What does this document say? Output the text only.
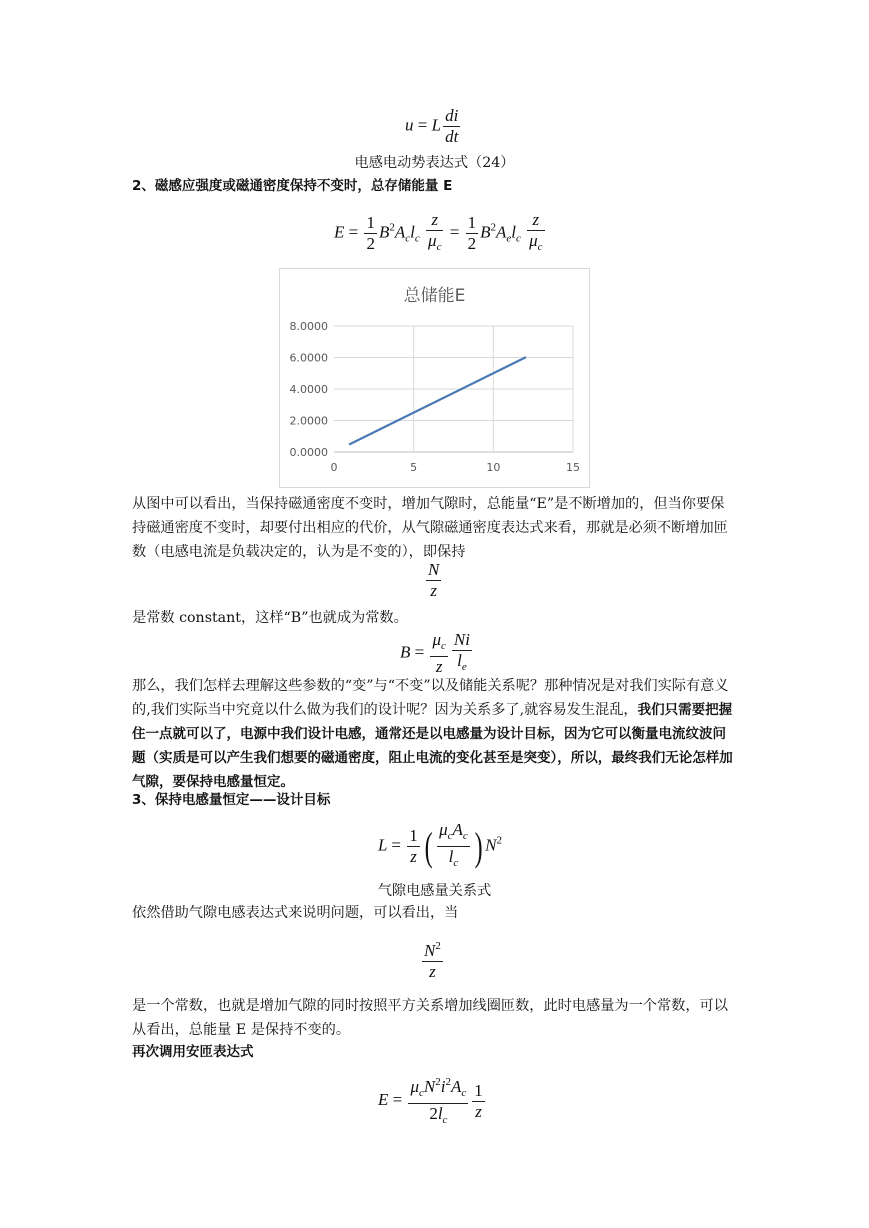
u = L $\frac{di}{dt}$
电感电动势表达式（24）
2、磁感应强度或磁通密度保持不变时，总存储能量 E
$E = \frac{1}{2} B^2A_cl_c \frac{z}{\mu_c} = \frac{1}{2} B^2A_el_c \frac{z}{\mu_c}$
总储能E
0.0000
2.0000
4.0000
6.0000
8.0000
0	5	10	15
从图中可以看出，当保持磁通密度不变时，增加气隙时，总能量“E”是不断增加的，但当你要保持磁通密度不变时，却要付出相应的代价，从气隙磁通密度表达式来看，那就是必须不断增加匝数（电感电流是负载决定的，认为是不变的），即保持
$\frac{N}{z}$
是常数 constant，这样“B”也就成为常数。
$B = \frac{\mu_c}{z} \frac{Ni}{l_e}$
那么，我们怎样去理解这些参数的“变”与“不变”以及储能关系呢？那种情况是对我们实际有意义的,我们实际当中究竟以什么做为我们的设计呢？因为关系多了,就容易发生混乱，我们只需要把握住一点就可以了，电源中我们设计电感，通常还是以电感量为设计目标，因为它可以衡量电流纹波问题（实质是可以产生我们想要的磁通密度，阻止电流的变化甚至是突变），所以，最终我们无论怎样加气隙，要保持电感量恒定。
3、保持电感量恒定——设计目标
$L = \frac{1}{z}$ ( $\frac{\mu_cA_c}{l_c}$ ) $N^2$
气隙电感量关系式
依然借助气隙电感表达式来说明问题，可以看出，当
$\frac{N^2}{z}$
是一个常数，也就是增加气隙的同时按照平方关系增加线圈匝数，此时电感量为一个常数，可以从看出，总能量 E 是保持不变的。
再次调用安匝表达式
$E = \frac{\mu_cN^2i^2A_c}{2l_c} \frac{1}{z}$
